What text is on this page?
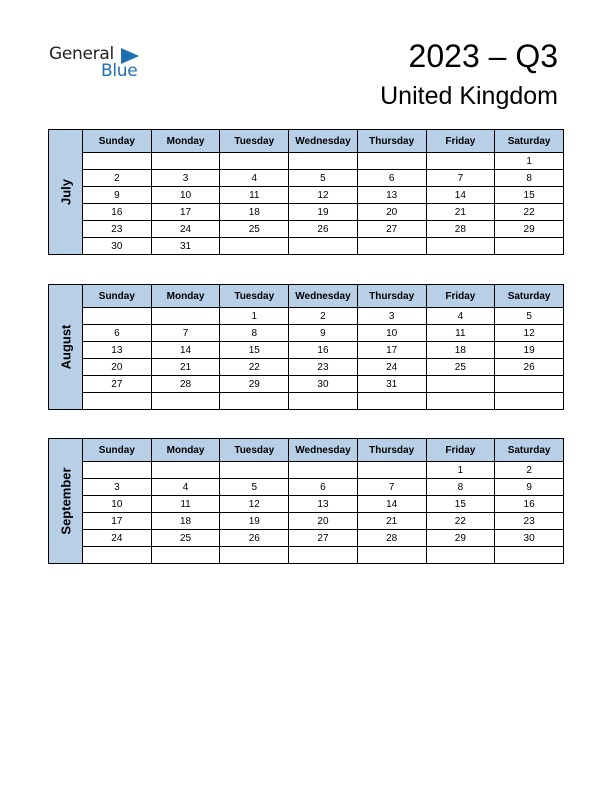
General
Blue	2023 – Q3
United Kingdom
July
Sunday	Monday	Tuesday	Wednesday	Thursday	Friday	Saturday
						1
2	3	4	5	6	7	8
9	10	11	12	13	14	15
16	17	18	19	20	21	22
23	24	25	26	27	28	29
30	31					
August
Sunday	Monday	Tuesday	Wednesday	Thursday	Friday	Saturday
		1	2	3	4	5
6	7	8	9	10	11	12
13	14	15	16	17	18	19
20	21	22	23	24	25	26
27	28	29	30	31		

September
Sunday	Monday	Tuesday	Wednesday	Thursday	Friday	Saturday
					1	2
3	4	5	6	7	8	9
10	11	12	13	14	15	16
17	18	19	20	21	22	23
24	25	26	27	28	29	30
